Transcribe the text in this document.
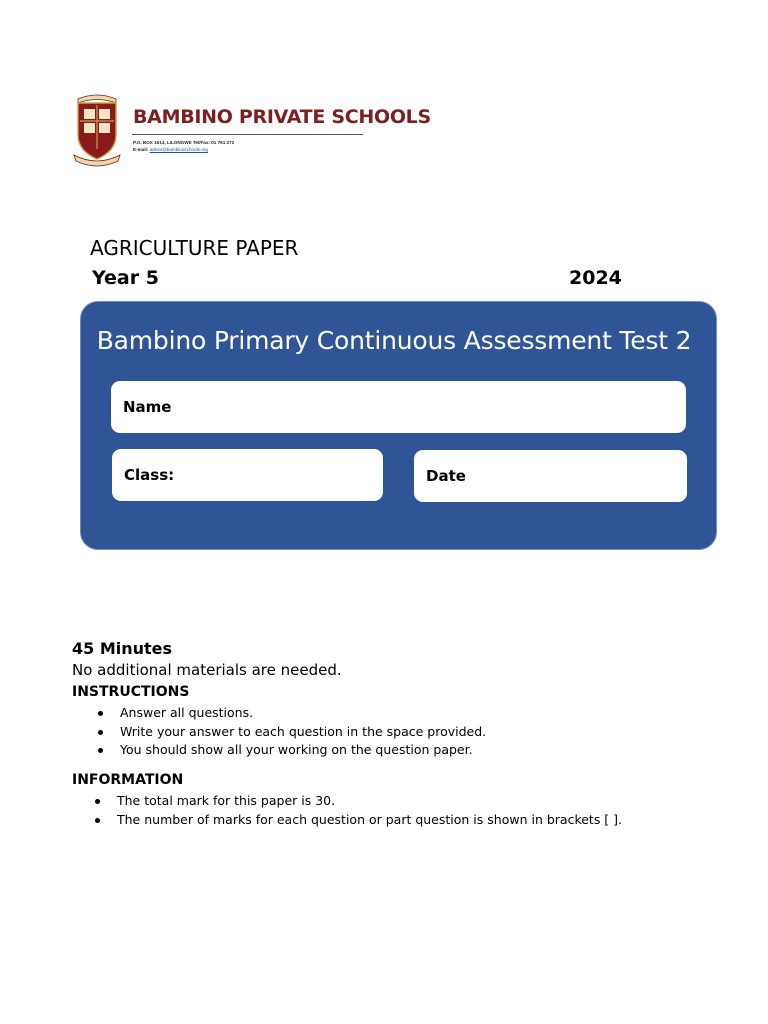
BAMBINO PRIVATE SCHOOLS
P.O. BOX 1614, LILONGWE Tel/Fax: 01 761 272
E-mail: admin@bambinoschools.org
AGRICULTURE PAPER
Year 5	2024
Bambino Primary Continuous Assessment Test 2
Name
Class:	Date
45 Minutes
No additional materials are needed.
INSTRUCTIONS
Answer all questions.
Write your answer to each question in the space provided.
You should show all your working on the question paper.
INFORMATION
The total mark for this paper is 30.
The number of marks for each question or part question is shown in brackets [ ].
